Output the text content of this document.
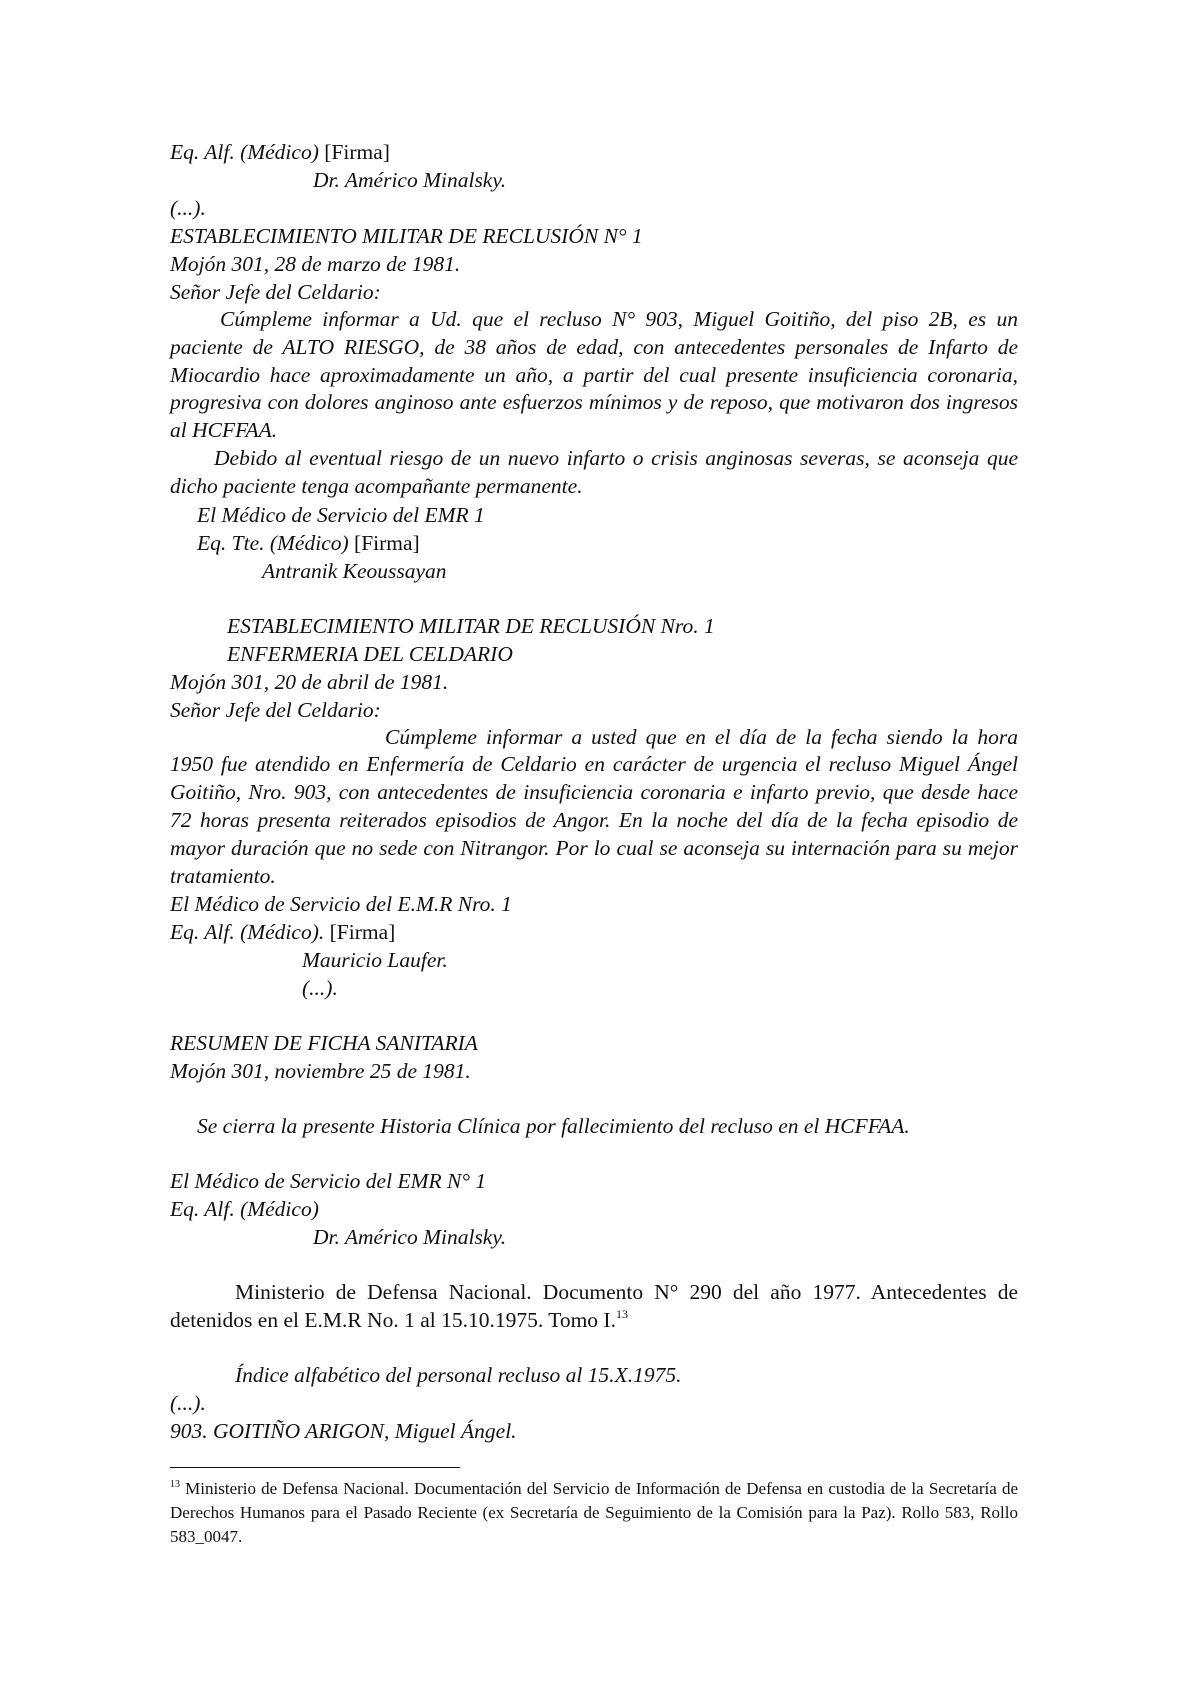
Eq. Alf. (Médico) [Firma]

Dr. Américo Minalsky.

(...).

ESTABLECIMIENTO MILITAR DE RECLUSIÓN N° 1

Mojón 301, 28 de marzo de 1981.

Señor Jefe del Celdario:

Cúmpleme informar a Ud. que el recluso N° 903, Miguel Goitiño, del piso 2B, es un paciente de ALTO RIESGO, de 38 años de edad, con antecedentes personales de Infarto de Miocardio hace aproximadamente un año, a partir del cual presente insuficiencia coronaria, progresiva con dolores anginoso ante esfuerzos mínimos y de reposo, que motivaron dos ingresos al HCFFAA.

Debido al eventual riesgo de un nuevo infarto o crisis anginosas severas, se aconseja que dicho paciente tenga acompañante permanente.

El Médico de Servicio del EMR 1

Eq. Tte. (Médico) [Firma]

Antranik Keoussayan

ESTABLECIMIENTO MILITAR DE RECLUSIÓN Nro. 1

ENFERMERIA DEL CELDARIO

Mojón 301, 20 de abril de 1981.

Señor Jefe del Celdario:

Cúmpleme informar a usted que en el día de la fecha siendo la hora 1950 fue atendido en Enfermería de Celdario en carácter de urgencia el recluso Miguel Ángel Goitiño, Nro. 903, con antecedentes de insuficiencia coronaria e infarto previo, que desde hace 72 horas presenta reiterados episodios de Angor. En la noche del día de la fecha episodio de mayor duración que no sede con Nitrangor. Por lo cual se aconseja su internación para su mejor tratamiento.

El Médico de Servicio del E.M.R Nro. 1

Eq. Alf. (Médico). [Firma]

Mauricio Laufer.

(...).

RESUMEN DE FICHA SANITARIA

Mojón 301, noviembre 25 de 1981.

Se cierra la presente Historia Clínica por fallecimiento del recluso en el HCFFAA.

El Médico de Servicio del EMR N° 1

Eq. Alf. (Médico)

Dr. Américo Minalsky.

Ministerio de Defensa Nacional. Documento N° 290 del año 1977. Antecedentes de detenidos en el E.M.R No. 1 al 15.10.1975. Tomo I.$^{13}$

Índice alfabético del personal recluso al 15.X.1975.

(...).

903. GOITIÑO ARIGON, Miguel Ángel.

$^{13}$ Ministerio de Defensa Nacional. Documentación del Servicio de Información de Defensa en custodia de la Secretaría de Derechos Humanos para el Pasado Reciente (ex Secretaría de Seguimiento de la Comisión para la Paz). Rollo 583, Rollo 583_0047.
